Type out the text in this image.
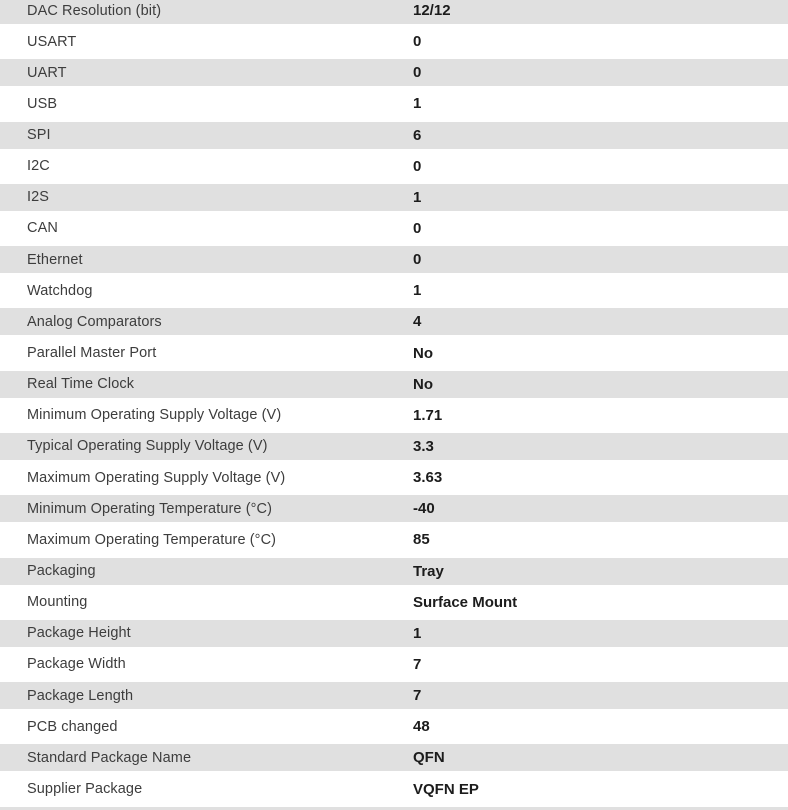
DAC Resolution (bit)	12/12
USART	0
UART	0
USB	1
SPI	6
I2C	0
I2S	1
CAN	0
Ethernet	0
Watchdog	1
Analog Comparators	4
Parallel Master Port	No
Real Time Clock	No
Minimum Operating Supply Voltage (V)	1.71
Typical Operating Supply Voltage (V)	3.3
Maximum Operating Supply Voltage (V)	3.63
Minimum Operating Temperature (°C)	-40
Maximum Operating Temperature (°C)	85
Packaging	Tray
Mounting	Surface Mount
Package Height	1
Package Width	7
Package Length	7
PCB changed	48
Standard Package Name	QFN
Supplier Package	VQFN EP
